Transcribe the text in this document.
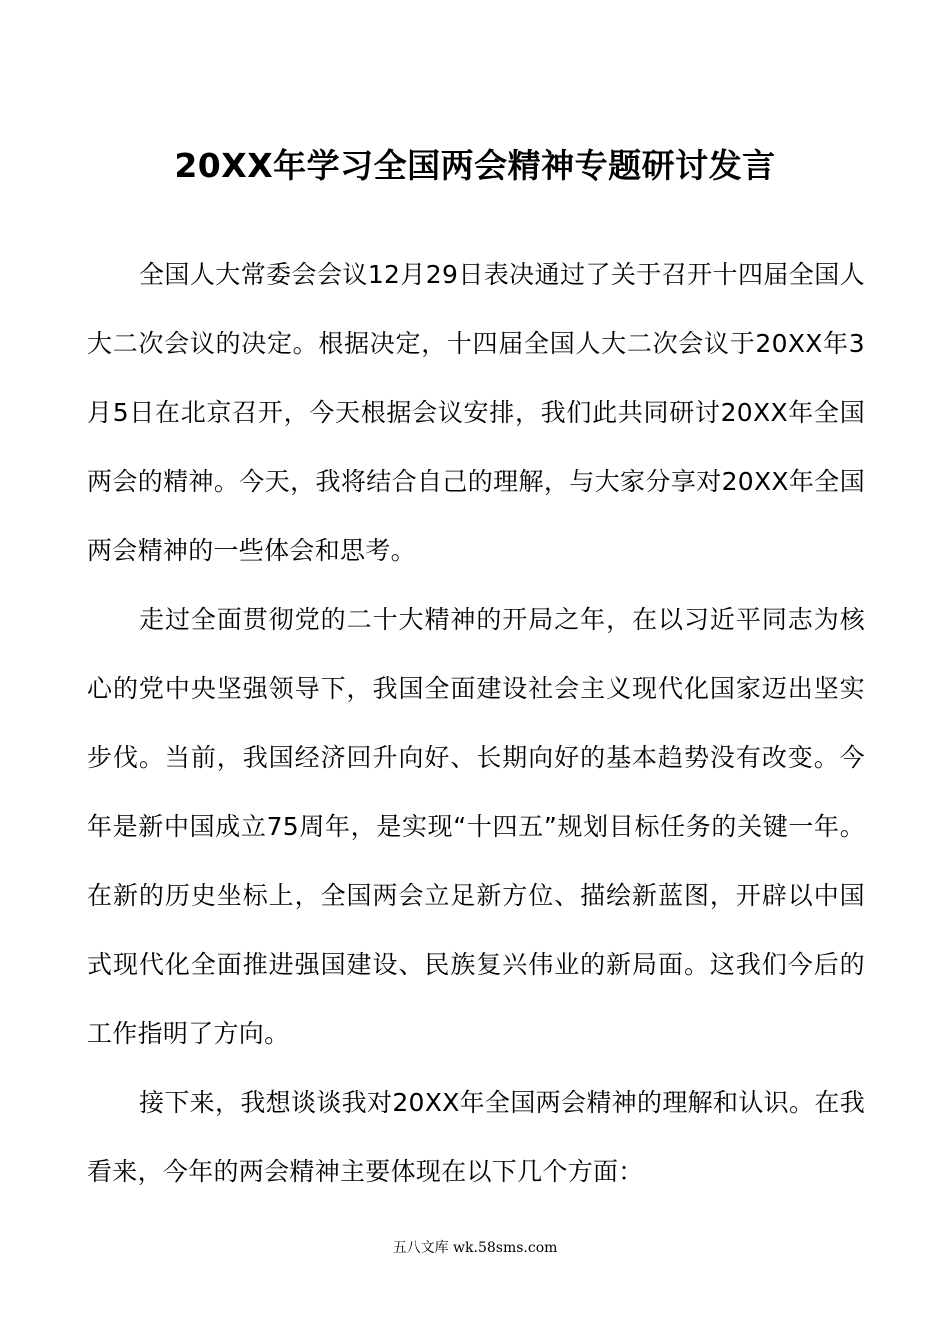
20XX年学习全国两会精神专题研讨发言

全国人大常委会会议12月29日表决通过了关于召开十四届全国人大二次会议的决定。根据决定，十四届全国人大二次会议于20XX年3月5日在北京召开，今天根据会议安排，我们此共同研讨20XX年全国两会的精神。今天，我将结合自己的理解，与大家分享对20XX年全国两会精神的一些体会和思考。

走过全面贯彻党的二十大精神的开局之年，在以习近平同志为核心的党中央坚强领导下，我国全面建设社会主义现代化国家迈出坚实步伐。当前，我国经济回升向好、长期向好的基本趋势没有改变。今年是新中国成立75周年，是实现“十四五”规划目标任务的关键一年。在新的历史坐标上，全国两会立足新方位、描绘新蓝图，开辟以中国式现代化全面推进强国建设、民族复兴伟业的新局面。这我们今后的工作指明了方向。

接下来，我想谈谈我对20XX年全国两会精神的理解和认识。在我看来，今年的两会精神主要体现在以下几个方面：

五八文库 wk.58sms.com
